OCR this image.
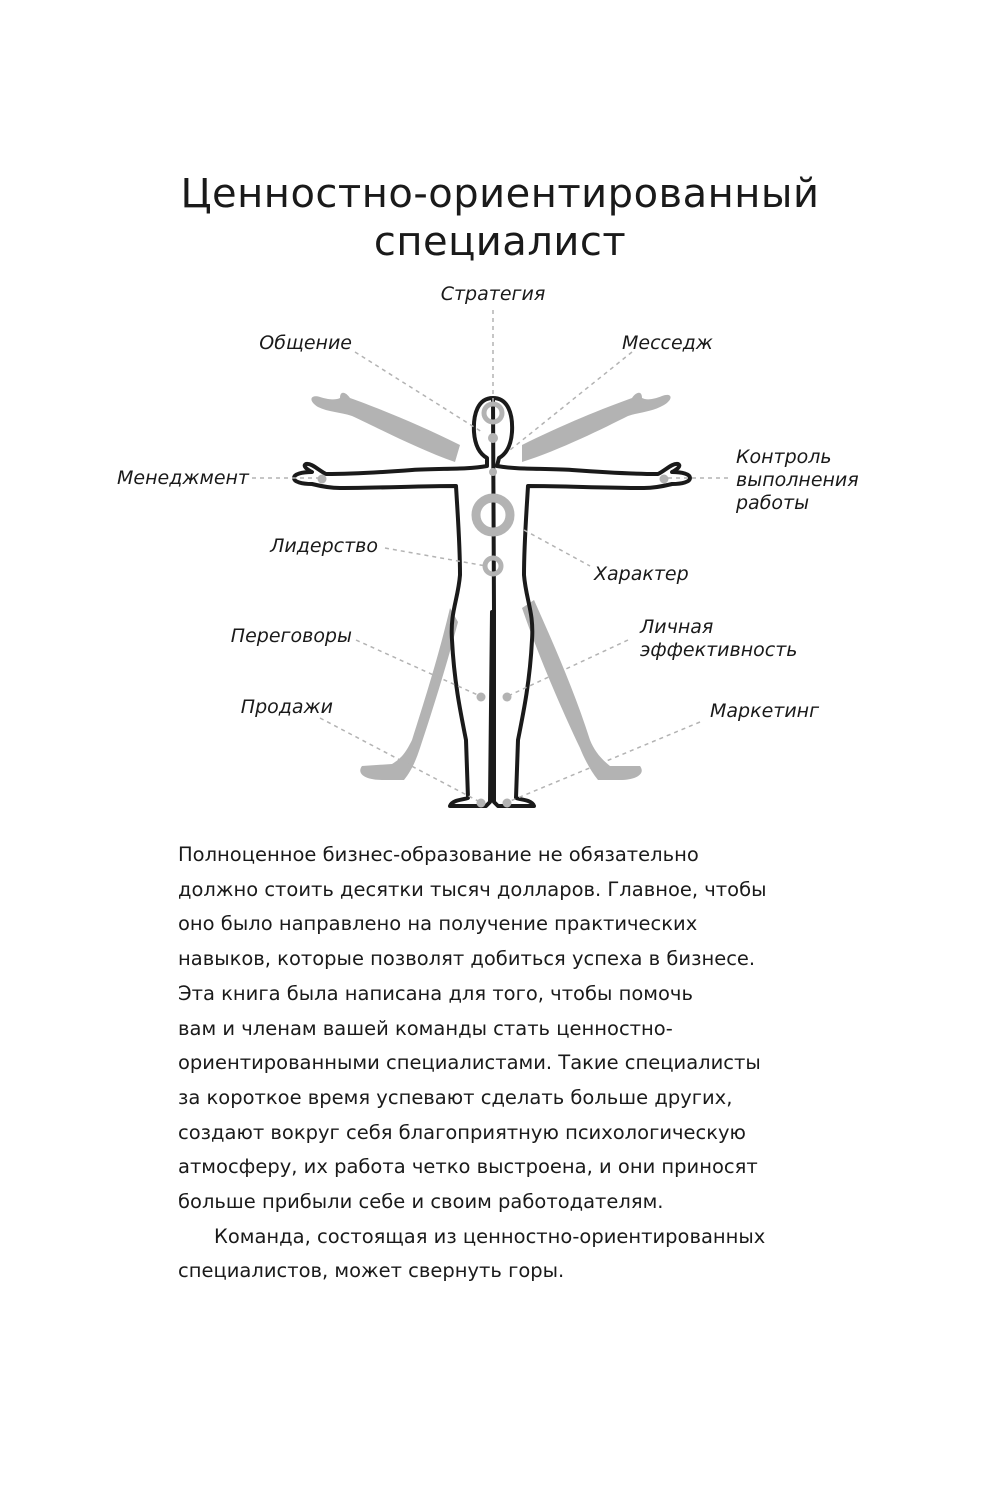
Ценностно-ориентированный
специалист
Стратегия
Общение	Месседж
Менеджмент
Контроль
выполнения
работы
Лидерство
Характер
Переговоры	Личная
эффективность
Продажи	Маркетинг
Полноценное бизнес-образование не обязательно
должно стоить десятки тысяч долларов. Главное, чтобы
оно было направлено на получение практических
навыков, которые позволят добиться успеха в бизнесе.
Эта книга была написана для того, чтобы помочь
вам и членам вашей команды стать ценностно-
ориентированными специалистами. Такие специалисты
за короткое время успевают сделать больше других,
создают вокруг себя благоприятную психологическую
атмосферу, их работа четко выстроена, и они приносят
больше прибыли себе и своим работодателям.
Команда, состоящая из ценностно-ориентированных
специалистов, может свернуть горы.
